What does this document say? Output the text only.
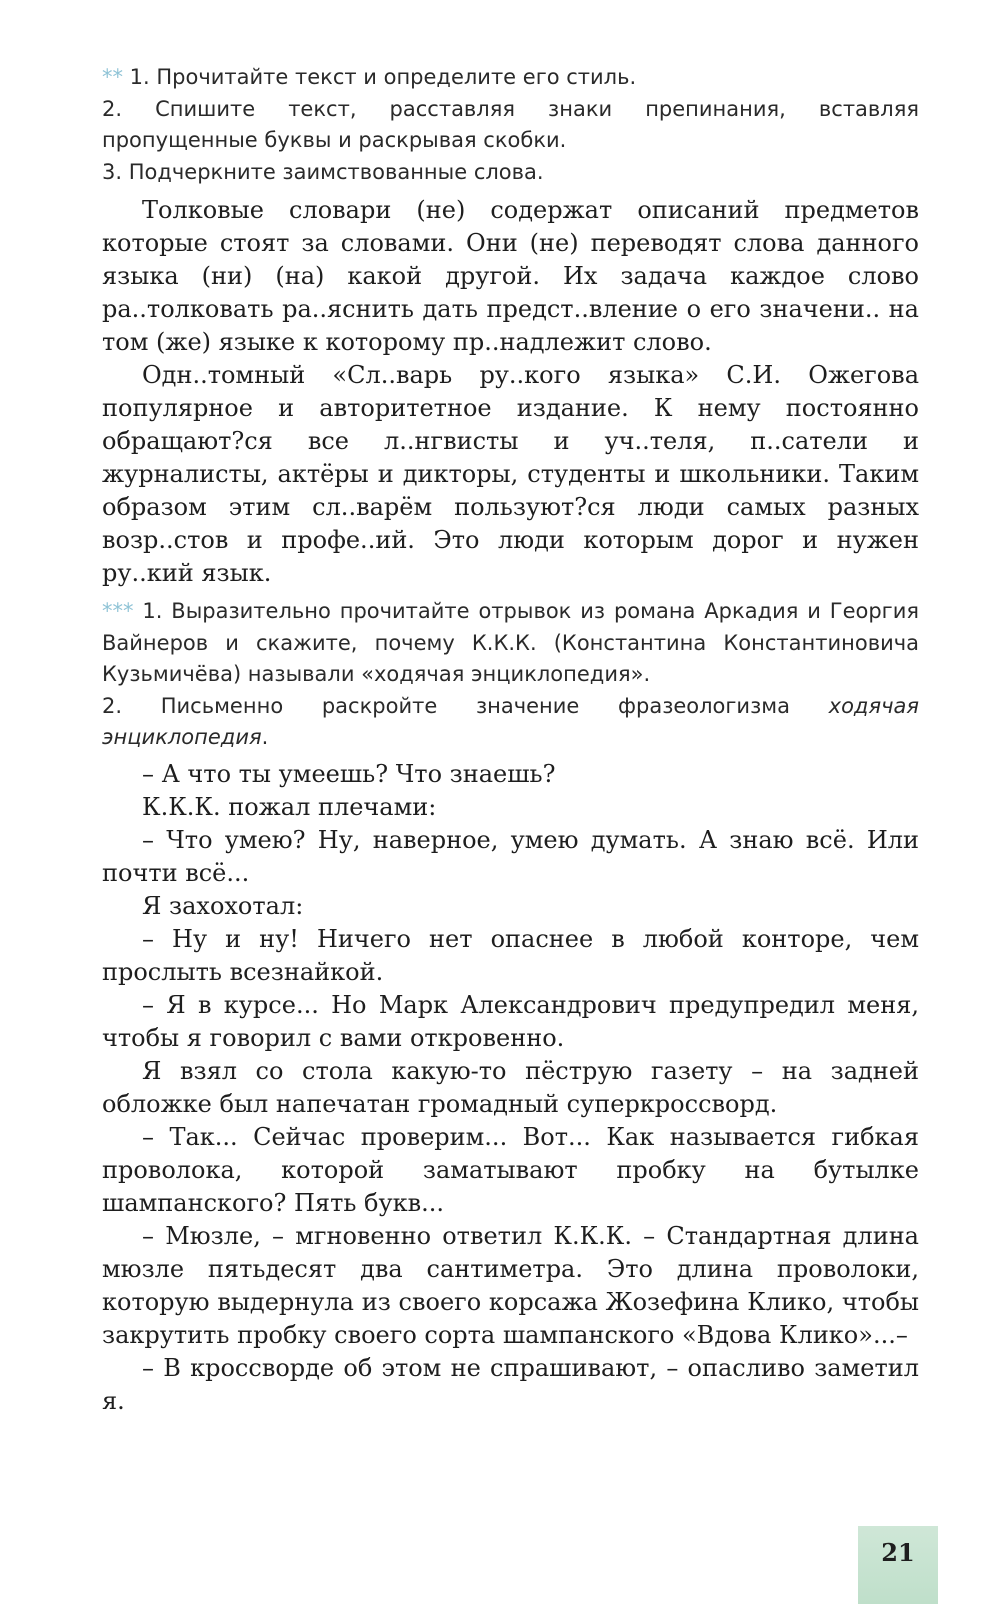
** 1. Прочитайте текст и определите его стиль.

2. Спишите текст, расставляя знаки препинания, вставляя пропущенные буквы и раскрывая скобки.

3. Подчеркните заимствованные слова.

Толковые словари (не) содержат описаний предметов которые стоят за словами. Они (не) переводят слова данного языка (ни) (на) какой другой. Их задача каждое слово ра..толковать ра..яснить дать предст..вление о его значени.. на том (же) языке к которому пр..надлежит слово.

Одн..томный «Сл..варь ру..кого языка» С.И. Ожегова популярное и авторитетное издание. К нему постоянно обращают?ся все л..нгвисты и уч..теля, п..сатели и журналисты, актёры и дикторы, студенты и школьники. Таким образом этим сл..варём пользуют?ся люди самых разных возр..стов и профе..ий. Это люди которым дорог и нужен ру..кий язык.

*** 1. Выразительно прочитайте отрывок из романа Аркадия и Георгия Вайнеров и скажите, почему К.К.К. (Константина Константиновича Кузьмичёва) называли «ходячая энциклопедия».

2. Письменно раскройте значение фразеологизма ходячая энциклопедия.

– А что ты умеешь? Что знаешь?

К.К.К. пожал плечами:

– Что умею? Ну, наверное, умею думать. А знаю всё. Или почти всё...

Я захохотал:

– Ну и ну! Ничего нет опаснее в любой конторе, чем прослыть всезнайкой.

– Я в курсе... Но Марк Александрович предупредил меня, чтобы я говорил с вами откровенно.

Я взял со стола какую-то пёструю газету – на задней обложке был напечатан громадный суперкроссворд.

– Так... Сейчас проверим... Вот... Как называется гибкая проволока, которой заматывают пробку на бутылке шампанского? Пять букв...

– Мюзле, – мгновенно ответил К.К.К. – Стандартная длина мюзле пятьдесят два сантиметра. Это длина проволоки, которую выдернула из своего корсажа Жозефина Клико, чтобы закрутить пробку своего сорта шампанского «Вдова Клико»...–

– В кроссворде об этом не спрашивают, – опасливо заметил я.

21
